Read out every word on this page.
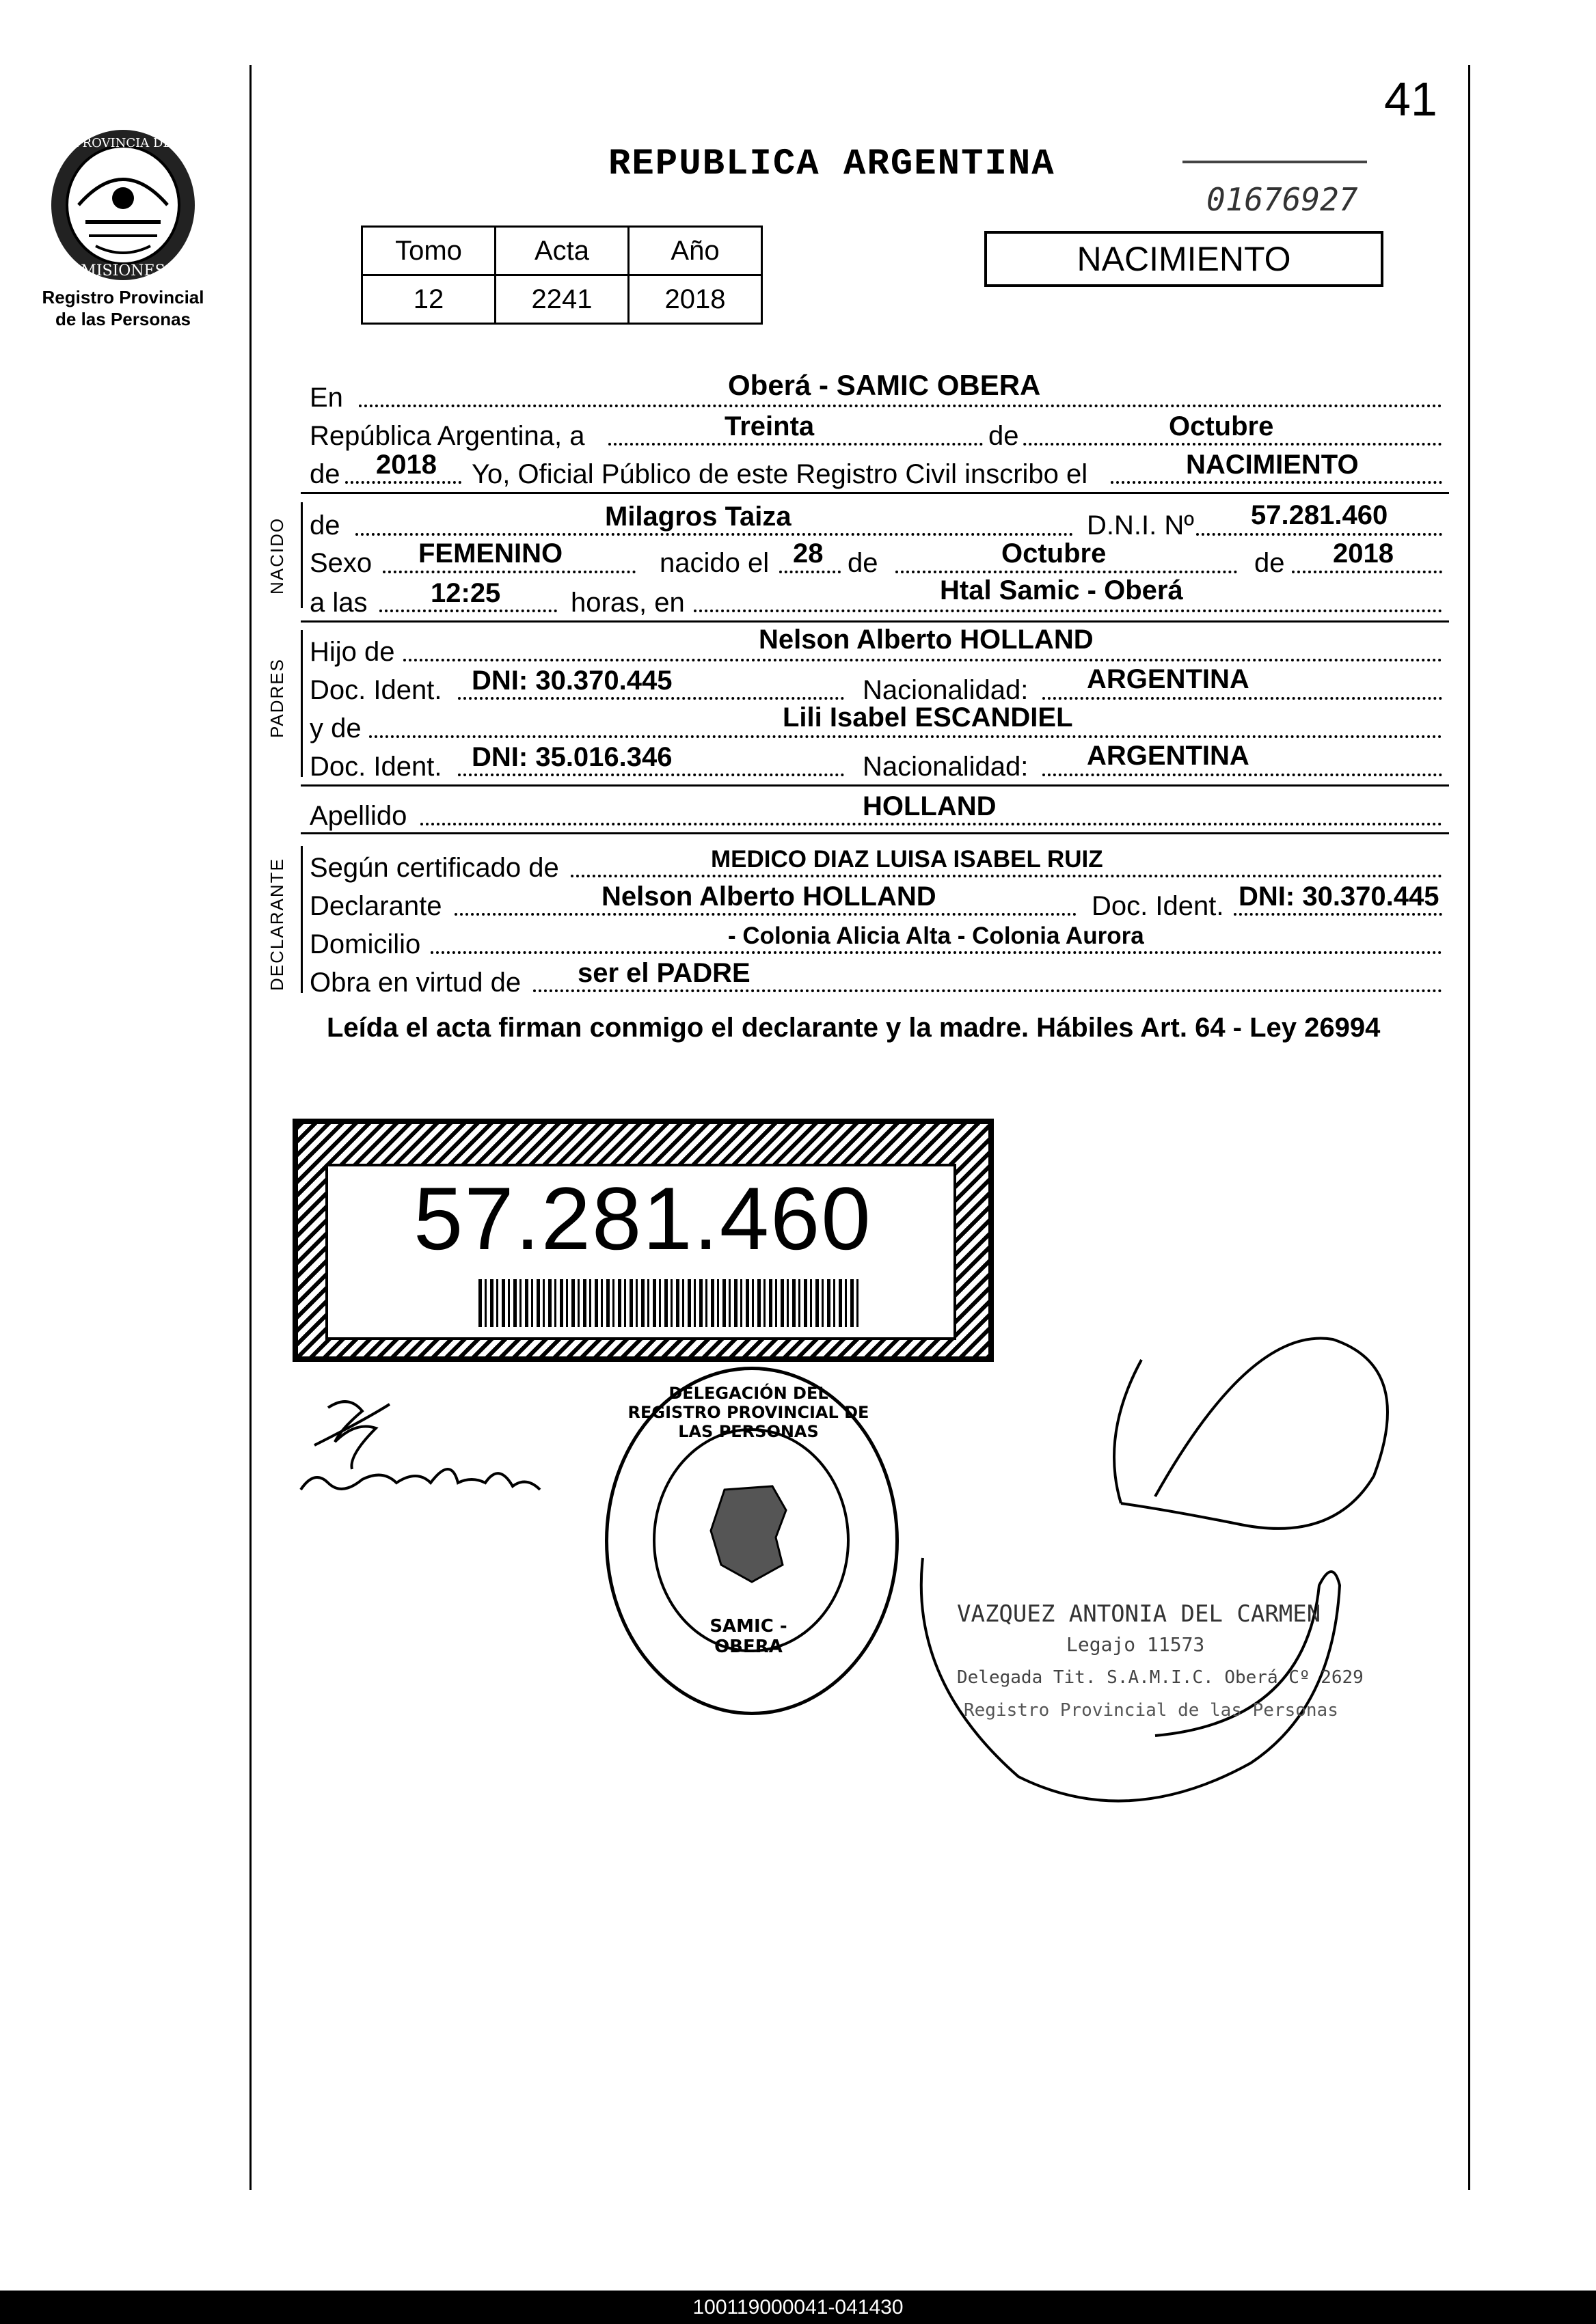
41
PROVINCIA DE
MISIONES
Registro Provincial
de las Personas
REPUBLICA ARGENTINA
01676927
NACIMIENTO
Tomo	Acta	Año
12	2241	2018
En	Oberá - SAMIC OBERA
República Argentina, a	Treinta	de	Octubre
de 2018 Yo, Oficial Público de este Registro Civil inscribo el	NACIMIENTO
NACIDO de	Milagros Taiza	D.N.I. Nº 57.281.460
Sexo FEMENINO	nacido el 28 de	Octubre	de 2018
a las 12:25	horas, en	Htal Samic - Oberá
PADRES
Hijo de	Nelson Alberto HOLLAND
Doc. Ident. DNI: 30.370.445	Nacionalidad: ARGENTINA
y de	Lili Isabel ESCANDIEL
Doc. Ident. DNI: 35.016.346	Nacionalidad: ARGENTINA
Apellido	HOLLAND
DECLARANTE Según certificado de	MEDICO DIAZ LUISA ISABEL RUIZ
Declarante	Nelson Alberto HOLLAND	Doc. Ident. DNI: 30.370.445
Domicilio	- Colonia Alicia Alta - Colonia Aurora
Obra en virtud de ser el PADRE
Leída el acta firman conmigo el declarante y la madre. Hábiles Art. 64 - Ley 26994
57.281.460
DELEGACIÓN DEL REGISTRO PROVINCIAL DE LAS PERSONAS
SAMIC - OBERA
VAZQUEZ ANTONIA DEL CARMEN
Legajo 11573
Delegada Tit. S.A.M.I.C. Oberá Cº 2629
Registro Provincial de las Personas
100119000041-041430
